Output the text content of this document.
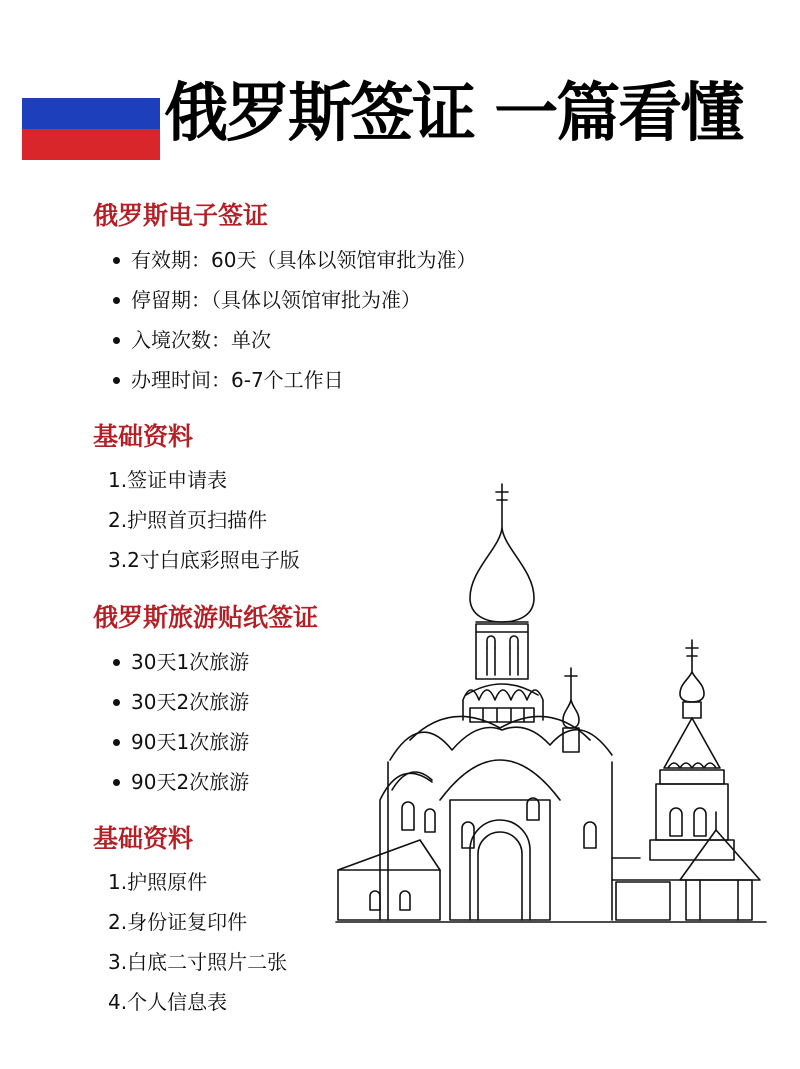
俄罗斯签证 一篇看懂
俄罗斯电子签证
有效期：60天（具体以领馆审批为准）
停留期：（具体以领馆审批为准）
入境次数：单次
办理时间：6-7个工作日
基础资料
1.签证申请表
2.护照首页扫描件
3.2寸白底彩照电子版
俄罗斯旅游贴纸签证
30天1次旅游
30天2次旅游
90天1次旅游
90天2次旅游
基础资料
1.护照原件
2.身份证复印件
3.白底二寸照片二张
4.个人信息表
